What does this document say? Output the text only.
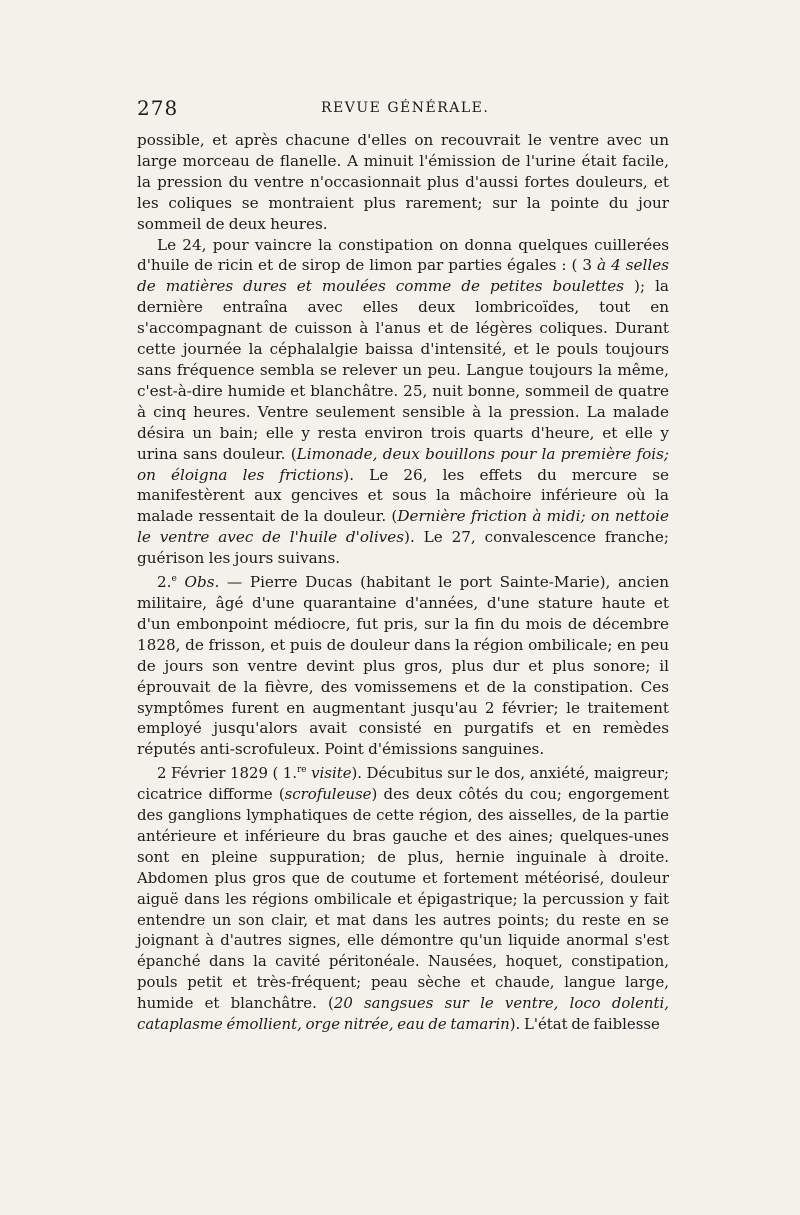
278	REVUE GÉNÉRALE.

possible, et après chacune d'elles on recouvrait le ventre avec un large morceau de flanelle. A minuit l'émission de l'urine était facile, la pression du ventre n'occasionnait plus d'aussi fortes douleurs, et les coliques se montraient plus rarement; sur la pointe du jour sommeil de deux heures.

Le 24, pour vaincre la constipation on donna quelques cuillerées d'huile de ricin et de sirop de limon par parties égales : ( 3 à 4 selles de matières dures et moulées comme de petites boulettes ); la dernière entraîna avec elles deux lombricoïdes, tout en s'accompagnant de cuisson à l'anus et de légères coliques. Durant cette journée la céphalalgie baissa d'intensité, et le pouls toujours sans fréquence sembla se relever un peu. Langue toujours la même, c'est-à-dire humide et blanchâtre. 25, nuit bonne, sommeil de quatre à cinq heures. Ventre seulement sensible à la pression. La malade désira un bain; elle y resta environ trois quarts d'heure, et elle y urina sans douleur. (Limonade, deux bouillons pour la première fois; on éloigna les frictions). Le 26, les effets du mercure se manifestèrent aux gencives et sous la mâchoire inférieure où la malade ressentait de la douleur. (Dernière friction à midi; on nettoie le ventre avec de l'huile d'olives). Le 27, convalescence franche; guérison les jours suivans.

2.$^e$ Obs. — Pierre Ducas (habitant le port Sainte-Marie), ancien militaire, âgé d'une quarantaine d'années, d'une stature haute et d'un embonpoint médiocre, fut pris, sur la fin du mois de décembre 1828, de frisson, et puis de douleur dans la région ombilicale; en peu de jours son ventre devint plus gros, plus dur et plus sonore; il éprouvait de la fièvre, des vomissemens et de la constipation. Ces symptômes furent en augmentant jusqu'au 2 février; le traitement employé jusqu'alors avait consisté en purgatifs et en remèdes réputés anti-scrofuleux. Point d'émissions sanguines.

2 Février 1829 ( 1.$^{re}$ visite). Décubitus sur le dos, anxiété, maigreur; cicatrice difforme (scrofuleuse) des deux côtés du cou; engorgement des ganglions lymphatiques de cette région, des aisselles, de la partie antérieure et inférieure du bras gauche et des aines; quelques-unes sont en pleine suppuration; de plus, hernie inguinale à droite. Abdomen plus gros que de coutume et fortement météorisé, douleur aiguë dans les régions ombilicale et épigastrique; la percussion y fait entendre un son clair, et mat dans les autres points; du reste en se joignant à d'autres signes, elle démontre qu'un liquide anormal s'est épanché dans la cavité péritonéale. Nausées, hoquet, constipation, pouls petit et très-fréquent; peau sèche et chaude, langue large, humide et blanchâtre. (20 sangsues sur le ventre, loco dolenti, cataplasme émollient, orge nitrée, eau de tamarin). L'état de faiblesse
